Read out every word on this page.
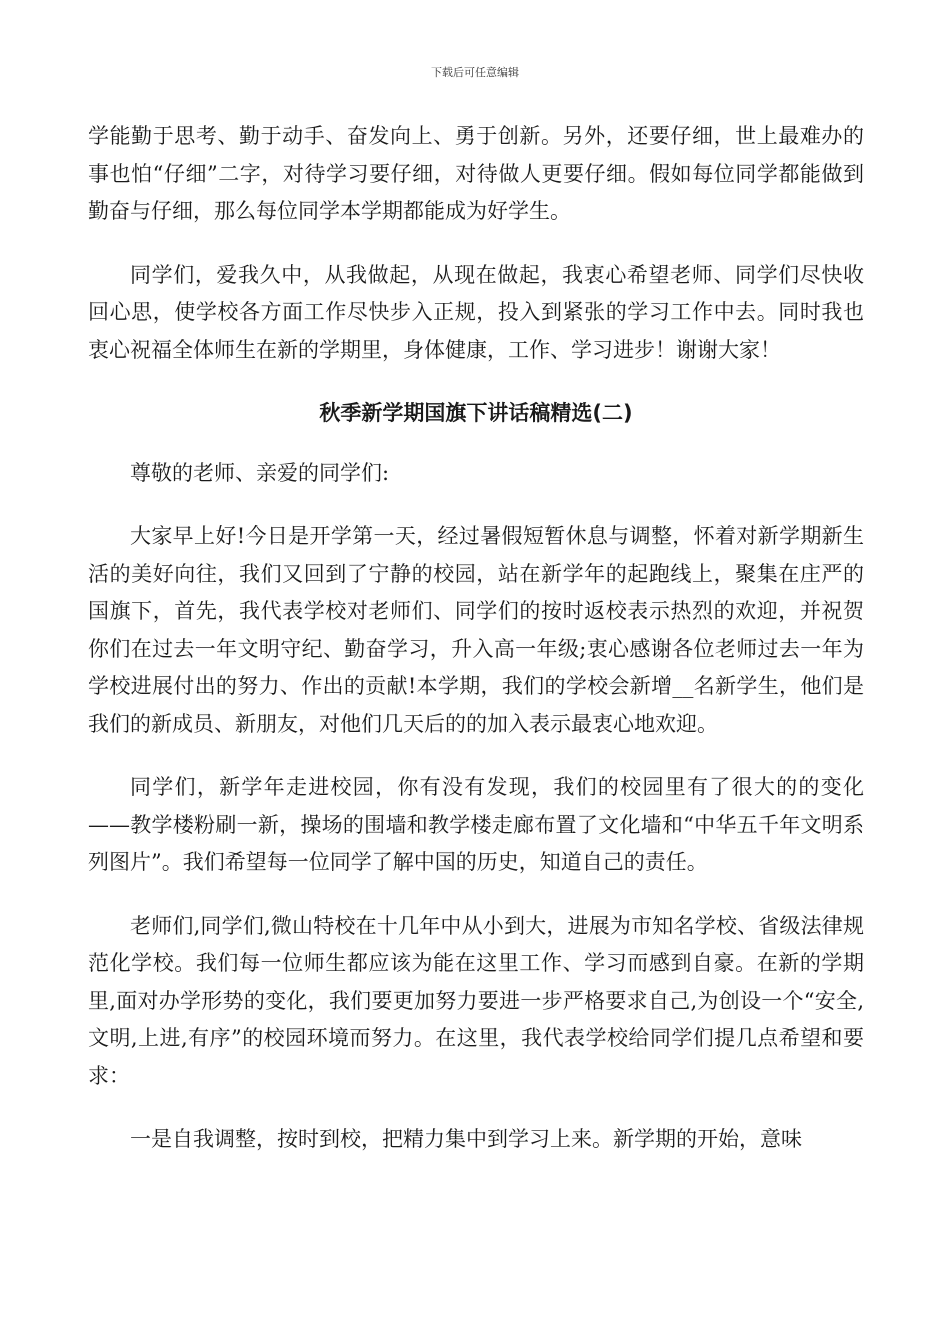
下载后可任意编辑

学能勤于思考、勤于动手、奋发向上、勇于创新。另外，还要仔细，世上最难办的事也怕“仔细”二字，对待学习要仔细，对待做人更要仔细。假如每位同学都能做到勤奋与仔细，那么每位同学本学期都能成为好学生。

同学们，爱我久中，从我做起，从现在做起，我衷心希望老师、同学们尽快收回心思，使学校各方面工作尽快步入正规，投入到紧张的学习工作中去。同时我也衷心祝福全体师生在新的学期里，身体健康，工作、学习进步！谢谢大家！

秋季新学期国旗下讲话稿精选(二)

尊敬的老师、亲爱的同学们:

大家早上好!今日是开学第一天，经过暑假短暂休息与调整，怀着对新学期新生活的美好向往，我们又回到了宁静的校园，站在新学年的起跑线上，聚集在庄严的国旗下，首先，我代表学校对老师们、同学们的按时返校表示热烈的欢迎，并祝贺你们在过去一年文明守纪、勤奋学习，升入高一年级;衷心感谢各位老师过去一年为学校进展付出的努力、作出的贡献!本学期，我们的学校会新增__名新学生，他们是我们的新成员、新朋友，对他们几天后的的加入表示最衷心地欢迎。

同学们，新学年走进校园，你有没有发现，我们的校园里有了很大的的变化——教学楼粉刷一新，操场的围墙和教学楼走廊布置了文化墙和“中华五千年文明系列图片”。我们希望每一位同学了解中国的历史，知道自己的责任。

老师们,同学们,微山特校在十几年中从小到大，进展为市知名学校、省级法律规范化学校。我们每一位师生都应该为能在这里工作、学习而感到自豪。在新的学期里,面对办学形势的变化，我们要更加努力要进一步严格要求自己,为创设一个“安全,文明,上进,有序”的校园环境而努力。在这里，我代表学校给同学们提几点希望和要求：

一是自我调整，按时到校，把精力集中到学习上来。新学期的开始，意味
